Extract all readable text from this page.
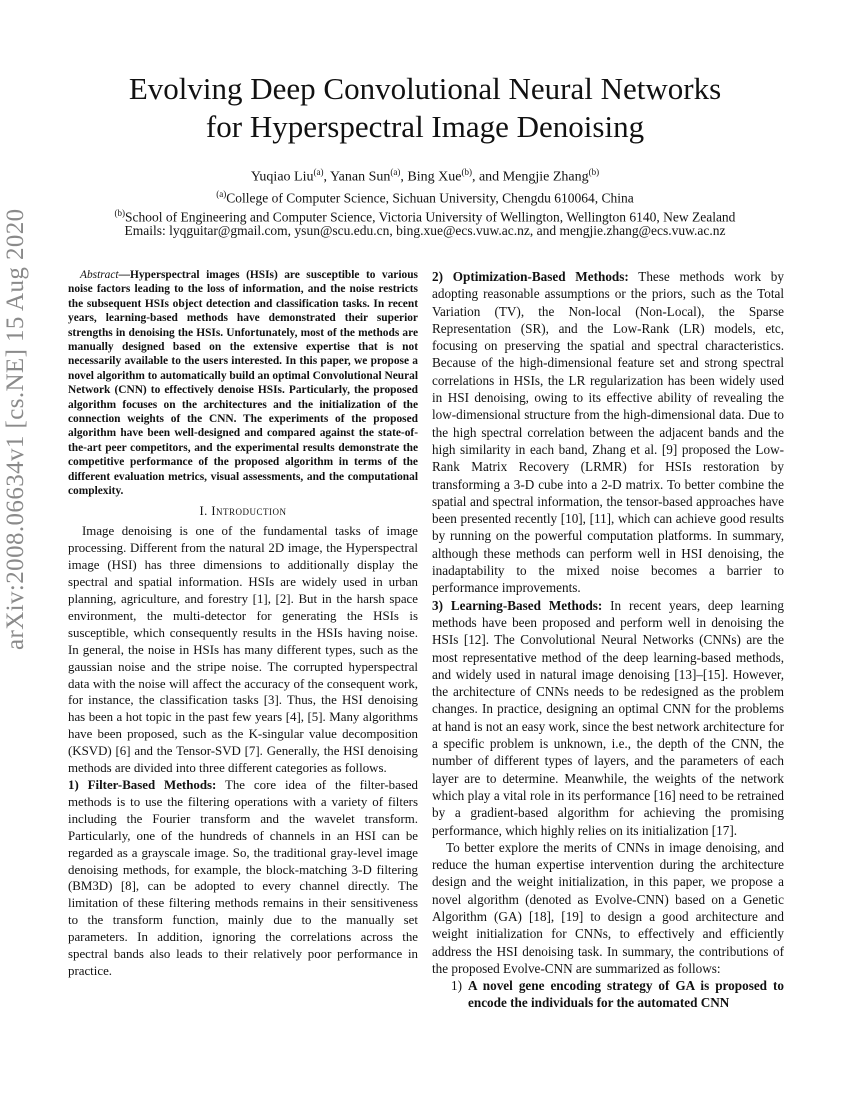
arXiv:2008.06634v1 [cs.NE] 15 Aug 2020
Evolving Deep Convolutional Neural Networks
for Hyperspectral Image Denoising
Yuqiao Liu$^{(a)}$, Yanan Sun$^{(a)}$, Bing Xue$^{(b)}$, and Mengjie Zhang$^{(b)}$
$^{(a)}$College of Computer Science, Sichuan University, Chengdu 610064, China
$^{(b)}$School of Engineering and Computer Science, Victoria University of Wellington, Wellington 6140, New Zealand
Emails: lyqguitar@gmail.com, ysun@scu.edu.cn, bing.xue@ecs.vuw.ac.nz, and mengjie.zhang@ecs.vuw.ac.nz

Abstract—Hyperspectral images (HSIs) are susceptible to various noise factors leading to the loss of information, and the noise restricts the subsequent HSIs object detection and classification tasks. In recent years, learning-based methods have demonstrated their superior strengths in denoising the HSIs. Unfortunately, most of the methods are manually designed based on the extensive expertise that is not necessarily available to the users interested. In this paper, we propose a novel algorithm to automatically build an optimal Convolutional Neural Network (CNN) to effectively denoise HSIs. Particularly, the proposed algorithm focuses on the architectures and the initialization of the connection weights of the CNN. The experiments of the proposed algorithm have been well-designed and compared against the state-of-the-art peer competitors, and the experimental results demonstrate the competitive performance of the proposed algorithm in terms of the different evaluation metrics, visual assessments, and the computational complexity.

I. Introduction

Image denoising is one of the fundamental tasks of image processing. Different from the natural 2D image, the Hyperspectral image (HSI) has three dimensions to additionally display the spectral and spatial information. HSIs are widely used in urban planning, agriculture, and forestry [1], [2]. But in the harsh space environment, the multi-detector for generating the HSIs is susceptible, which consequently results in the HSIs having noise. In general, the noise in HSIs has many different types, such as the gaussian noise and the stripe noise. The corrupted hyperspectral data with the noise will affect the accuracy of the consequent work, for instance, the classification tasks [3]. Thus, the HSI denoising has been a hot topic in the past few years [4], [5]. Many algorithms have been proposed, such as the K-singular value decomposition (KSVD) [6] and the Tensor-SVD [7]. Generally, the HSI denoising methods are divided into three different categories as follows.

1) Filter-Based Methods: The core idea of the filter-based methods is to use the filtering operations with a variety of filters including the Fourier transform and the wavelet transform. Particularly, one of the hundreds of channels in an HSI can be regarded as a grayscale image. So, the traditional gray-level image denoising methods, for example, the block-matching 3-D filtering (BM3D) [8], can be adopted to every channel directly. The limitation of these filtering methods remains in their sensitiveness to the transform function, mainly due to the manually set parameters. In addition, ignoring the correlations across the spectral bands also leads to their relatively poor performance in practice.

2) Optimization-Based Methods: These methods work by adopting reasonable assumptions or the priors, such as the Total Variation (TV), the Non-local (Non-Local), the Sparse Representation (SR), and the Low-Rank (LR) models, etc, focusing on preserving the spatial and spectral characteristics. Because of the high-dimensional feature set and strong spectral correlations in HSIs, the LR regularization has been widely used in HSI denoising, owing to its effective ability of revealing the low-dimensional structure from the high-dimensional data. Due to the high spectral correlation between the adjacent bands and the high similarity in each band, Zhang et al. [9] proposed the Low-Rank Matrix Recovery (LRMR) for HSIs restoration by transforming a 3-D cube into a 2-D matrix. To better combine the spatial and spectral information, the tensor-based approaches have been presented recently [10], [11], which can achieve good results by running on the powerful computation platforms. In summary, although these methods can perform well in HSI denoising, the inadaptability to the mixed noise becomes a barrier to performance improvements.

3) Learning-Based Methods: In recent years, deep learning methods have been proposed and perform well in denoising the HSIs [12]. The Convolutional Neural Networks (CNNs) are the most representative method of the deep learning-based methods, and widely used in natural image denoising [13]–[15]. However, the architecture of CNNs needs to be redesigned as the problem changes. In practice, designing an optimal CNN for the problems at hand is not an easy work, since the best network architecture for a specific problem is unknown, i.e., the depth of the CNN, the number of different types of layers, and the parameters of each layer are to determine. Meanwhile, the weights of the network which play a vital role in its performance [16] need to be retrained by a gradient-based algorithm for achieving the promising performance, which highly relies on its initialization [17].

To better explore the merits of CNNs in image denoising, and reduce the human expertise intervention during the architecture design and the weight initialization, in this paper, we propose a novel algorithm (denoted as Evolve-CNN) based on a Genetic Algorithm (GA) [18], [19] to design a good architecture and weight initialization for CNNs, to effectively and efficiently address the HSI denoising task. In summary, the contributions of the proposed Evolve-CNN are summarized as follows:

1) A novel gene encoding strategy of GA is proposed to encode the individuals for the automated CNN
